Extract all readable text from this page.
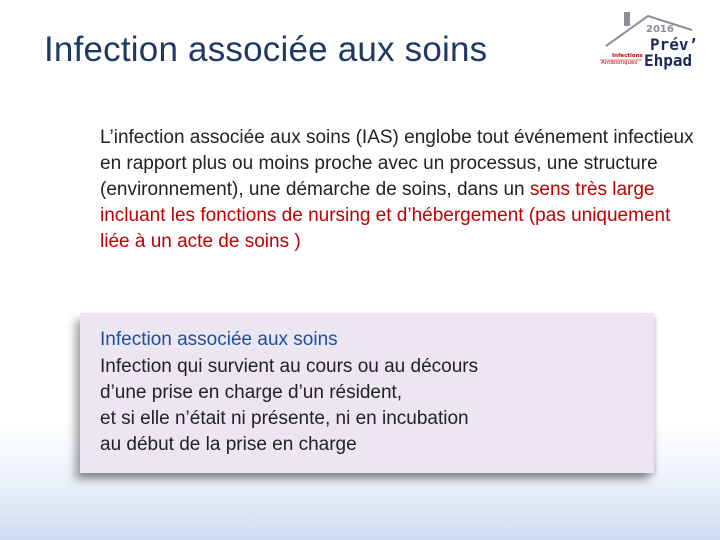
Infection associée aux soins
2016
Prév’
Ehpad
Infections
Antibiotiques
L’infection associée aux soins (IAS) englobe tout événement infectieux en rapport plus ou moins proche avec un processus, une structure (environnement), une démarche de soins, dans un sens très large incluant les fonctions de nursing et d’hébergement (pas uniquement liée à un acte de soins )
Infection associée aux soins
Infection qui survient au cours ou au décours
d’une prise en charge d’un résident,
et si elle n’était ni présente, ni en incubation
au début de la prise en charge
